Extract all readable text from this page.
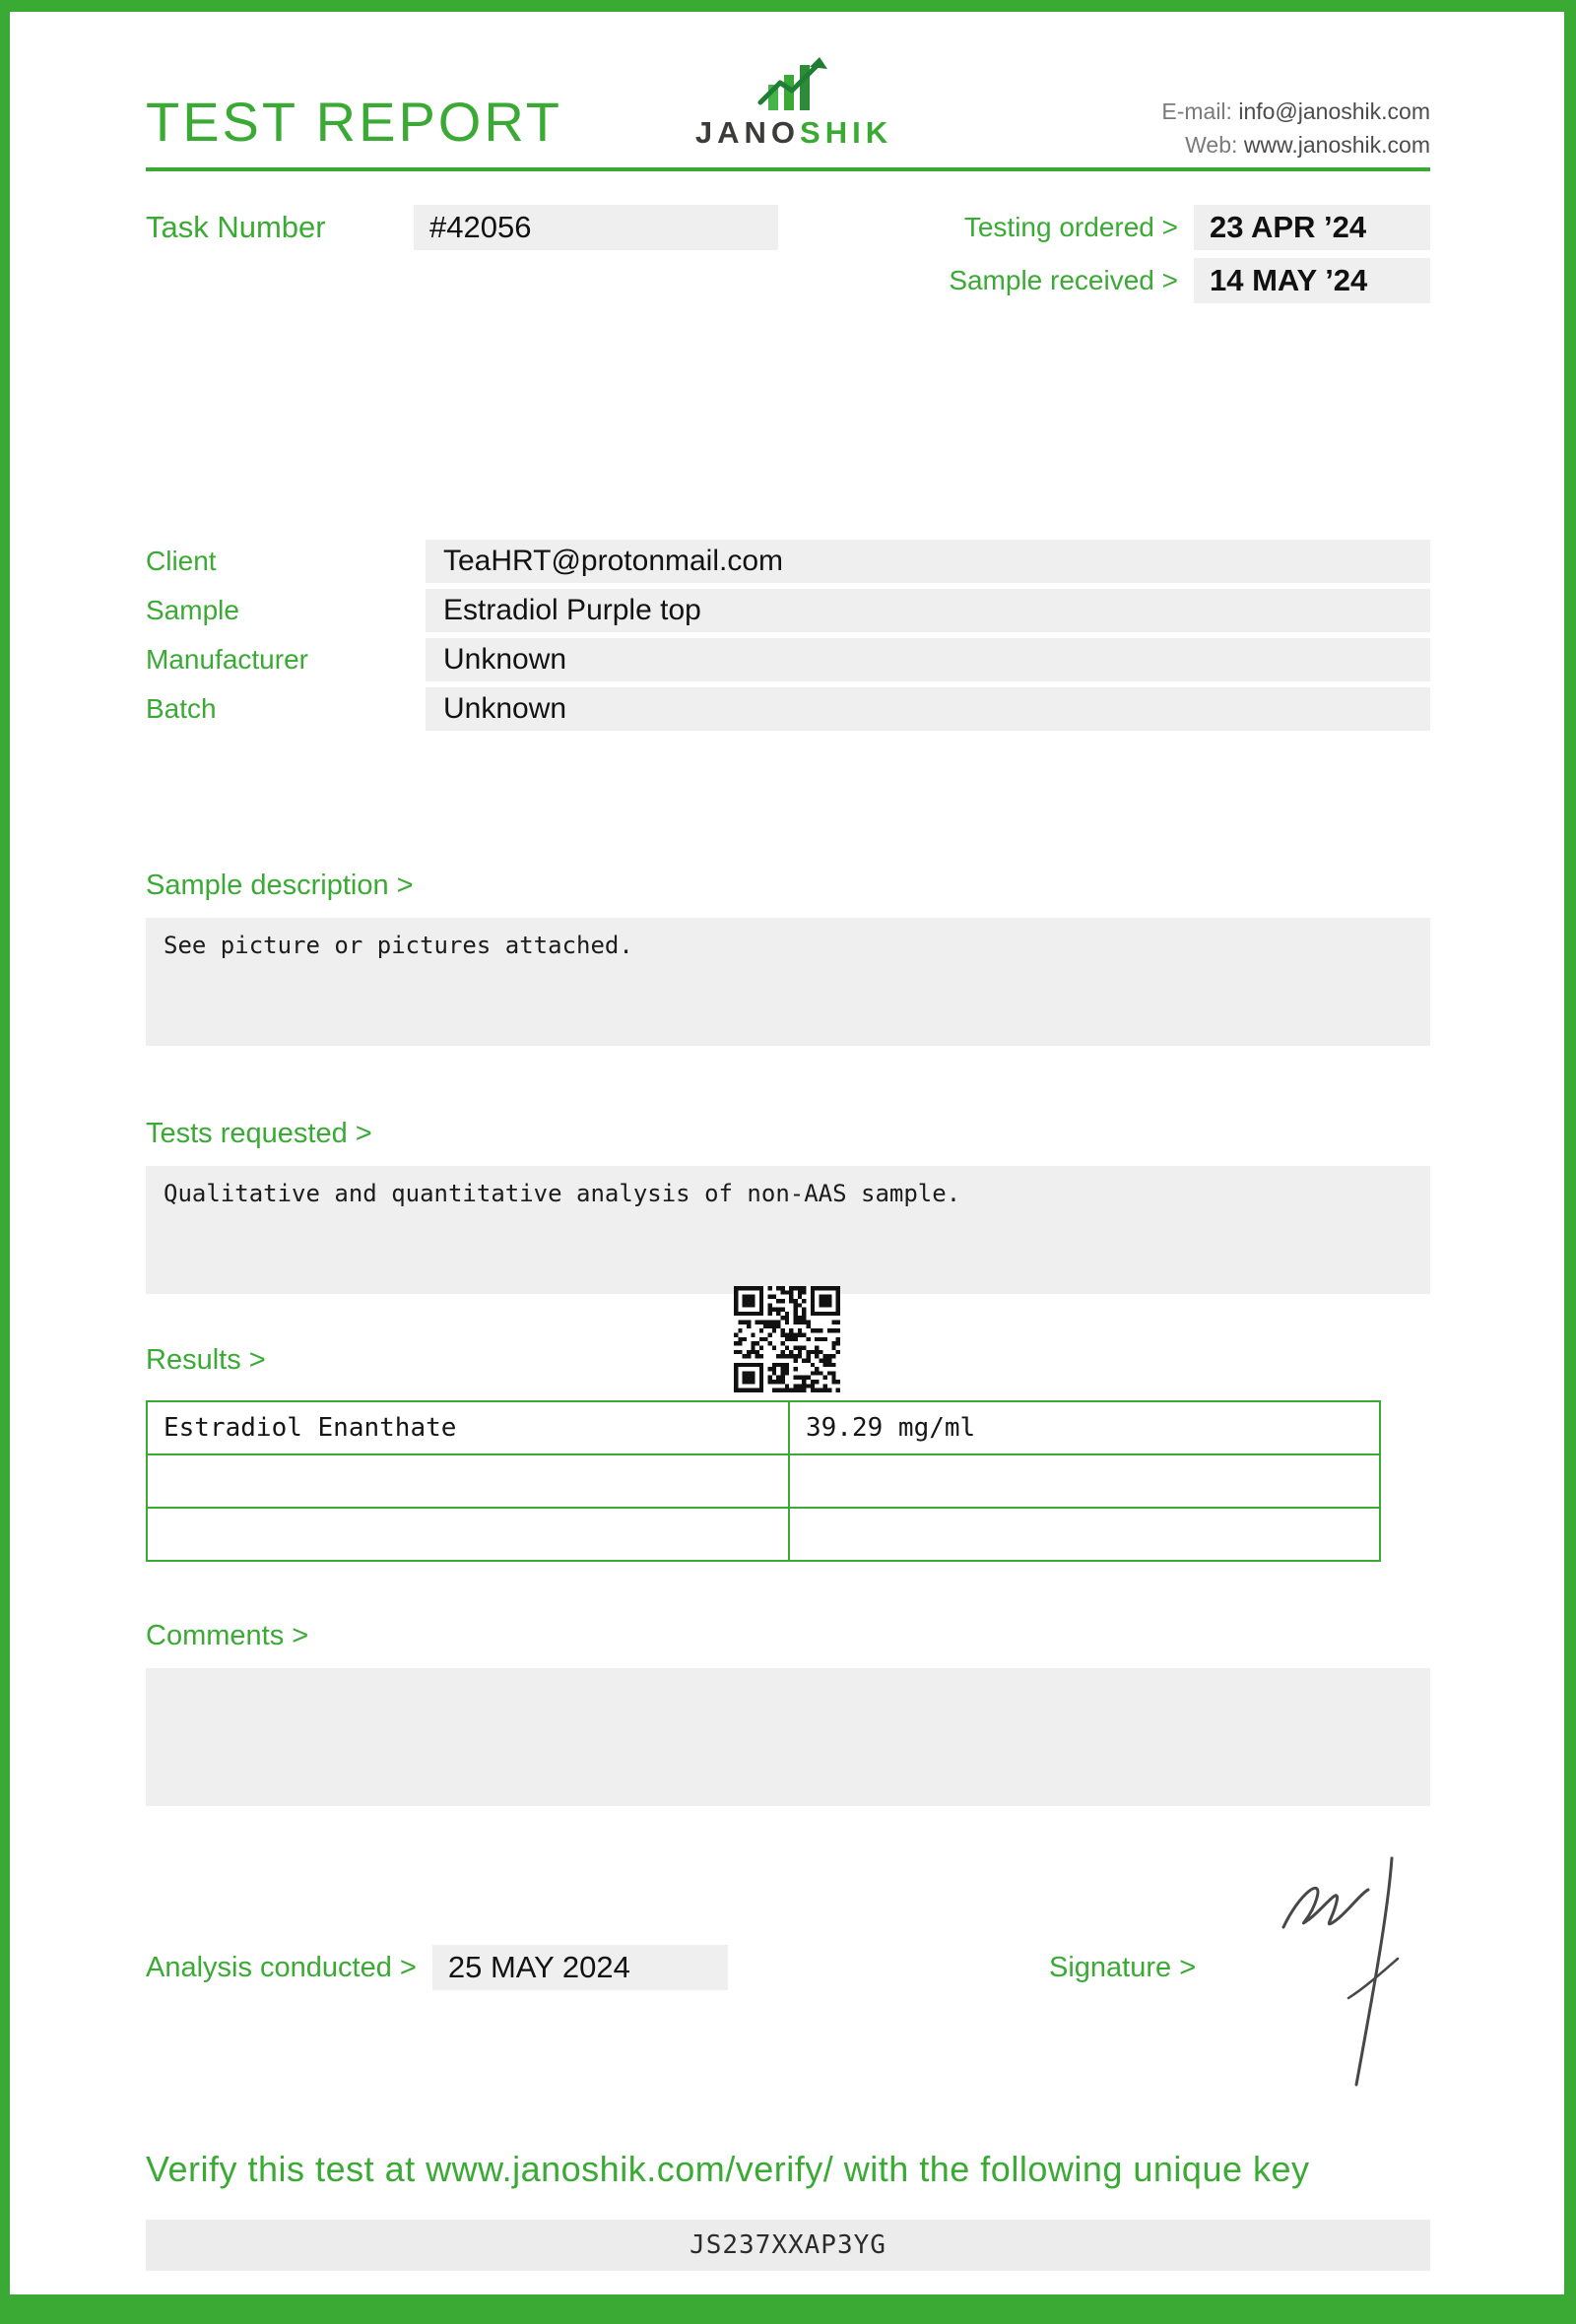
TEST REPORT	JANOSHIK
E-mail: info@janoshik.com
Web: www.janoshik.com
Task Number	#42056	Testing ordered >	23 APR ’24
Sample received >	14 MAY ’24
Client	TeaHRT@protonmail.com
Sample	Estradiol Purple top
Manufacturer	Unknown
Batch	Unknown
Sample description >
See picture or pictures attached.
Tests requested >
Qualitative and quantitative analysis of non-AAS sample.
Results >
Estradiol Enanthate	39.29 mg/ml

Comments >
Analysis conducted >	25 MAY 2024	Signature >
Verify this test at www.janoshik.com/verify/ with the following unique key
JS237XXAP3YG
